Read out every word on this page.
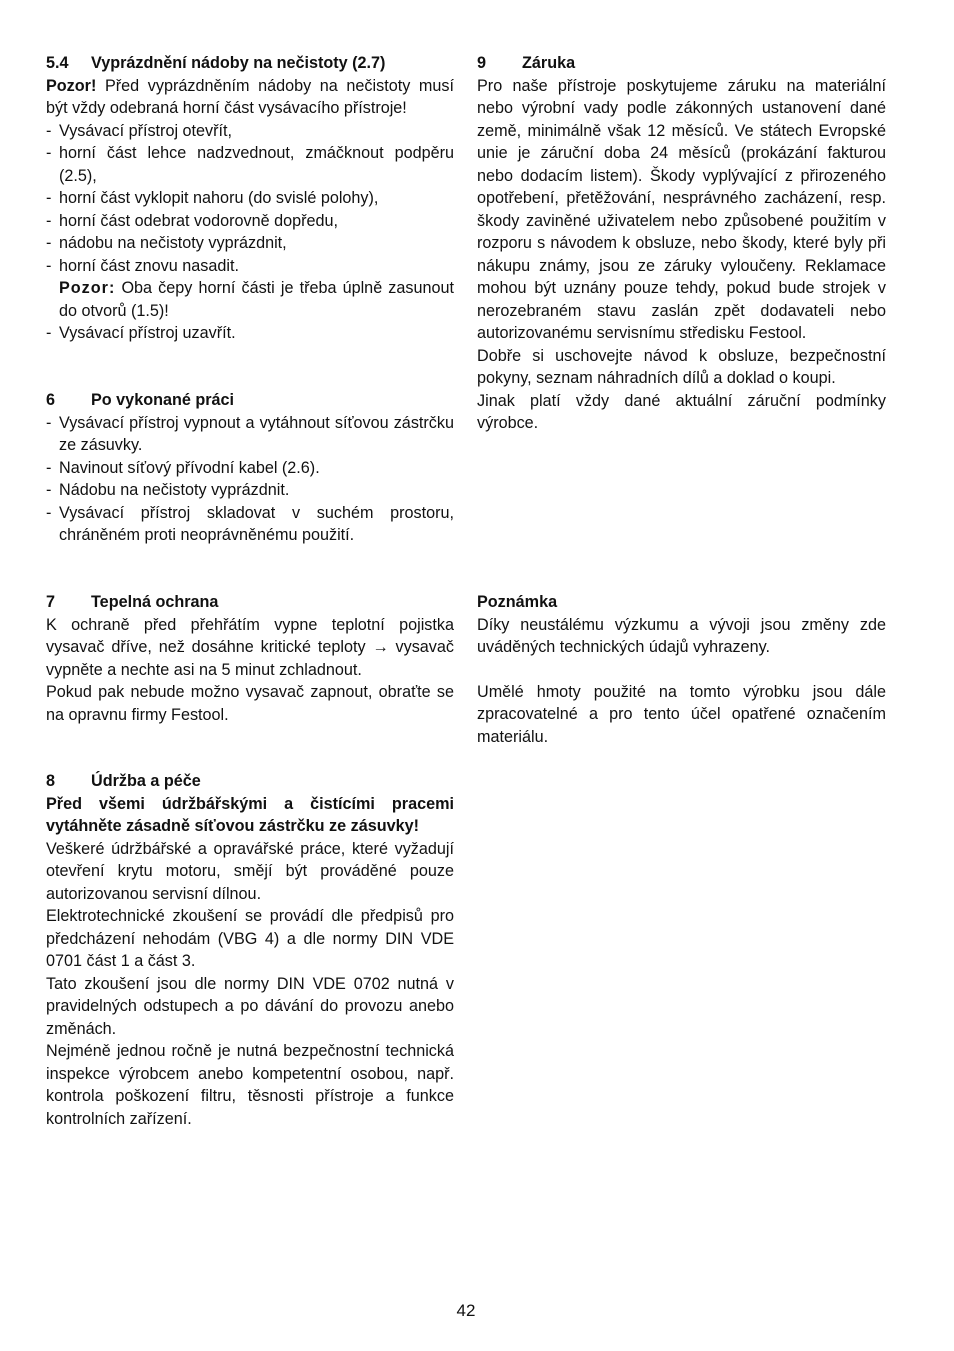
5.4	Vyprázdnění nádoby na nečistoty (2.7)

Pozor! Před vyprázdněním nádoby na nečistoty musí být vždy odebraná horní část vysávacího přístroje!

- Vysávací přístroj otevřít,
- horní část lehce nadzvednout, zmáčknout podpěru (2.5),
- horní část vyklopit nahoru (do svislé polohy),
- horní část odebrat vodorovně dopředu,
- nádobu na nečistoty vyprázdnit,
- horní část znovu nasadit.
Pozor: Oba čepy horní části je třeba úplně zasunout do otvorů (1.5)!
- Vysávací přístroj uzavřít.
6	Po vykonané práci
- Vysávací přístroj vypnout a vytáhnout síťovou zástrčku ze zásuvky.
- Navinout síťový přívodní kabel (2.6).
- Nádobu na nečistoty vyprázdnit.
- Vysávací přístroj skladovat v suchém prostoru, chráněném proti neoprávněnému použití.
7	Tepelná ochrana

K ochraně před přehřátím vypne teplotní pojistka vysavač dříve, než dosáhne kritické teploty → vysavač vypněte a nechte asi na 5 minut zchladnout.

Pokud pak nebude možno vysavač zapnout, obraťte se na opravnu firmy Festool.

8	Údržba a péče

Před všemi údržbářskými a čistícími pracemi vytáhněte zásadně síťovou zástrčku ze zásuvky!

Veškeré údržbářské a opravářské práce, které vyžadují otevření krytu motoru, smějí být prováděné pouze autorizovanou servisní dílnou.

Elektrotechnické zkoušení se provádí dle předpisů pro předcházení nehodám (VBG 4) a dle normy DIN VDE 0701 část 1 a část 3.

Tato zkoušení jsou dle normy DIN VDE 0702 nutná v pravidelných odstupech a po dávání do provozu anebo změnách.

Nejméně jednou ročně je nutná bezpečnostní technická inspekce výrobcem anebo kompetentní osobou, např. kontrola poškození filtru, těsnosti přístroje a funkce kontrolních zařízení.

9	Záruka

Pro naše přístroje poskytujeme záruku na materiální nebo výrobní vady podle zákonných ustanovení dané země, minimálně však 12 měsíců. Ve státech Evropské unie je záruční doba 24 měsíců (prokázání fakturou nebo dodacím listem). Škody vyplývající z přirozeného opotřebení, přetěžování, nesprávného zacházení, resp. škody zaviněné uživatelem nebo způsobené použitím v rozporu s návodem k obsluze, nebo škody, které byly při nákupu známy, jsou ze záruky vyloučeny. Reklamace mohou být uznány pouze tehdy, pokud bude strojek v nerozebraném stavu zaslán zpět dodavateli nebo autorizovanému servisnímu středisku Festool.

Dobře si uschovejte návod k obsluze, bezpečnostní pokyny, seznam náhradních dílů a doklad o koupi.

Jinak platí vždy dané aktuální záruční podmínky výrobce.

Poznámka

Díky neustálému výzkumu a vývoji jsou změny zde uváděných technických údajů vyhrazeny.

Umělé hmoty použité na tomto výrobku jsou dále zpracovatelné a pro tento účel opatřené označením materiálu.

42
